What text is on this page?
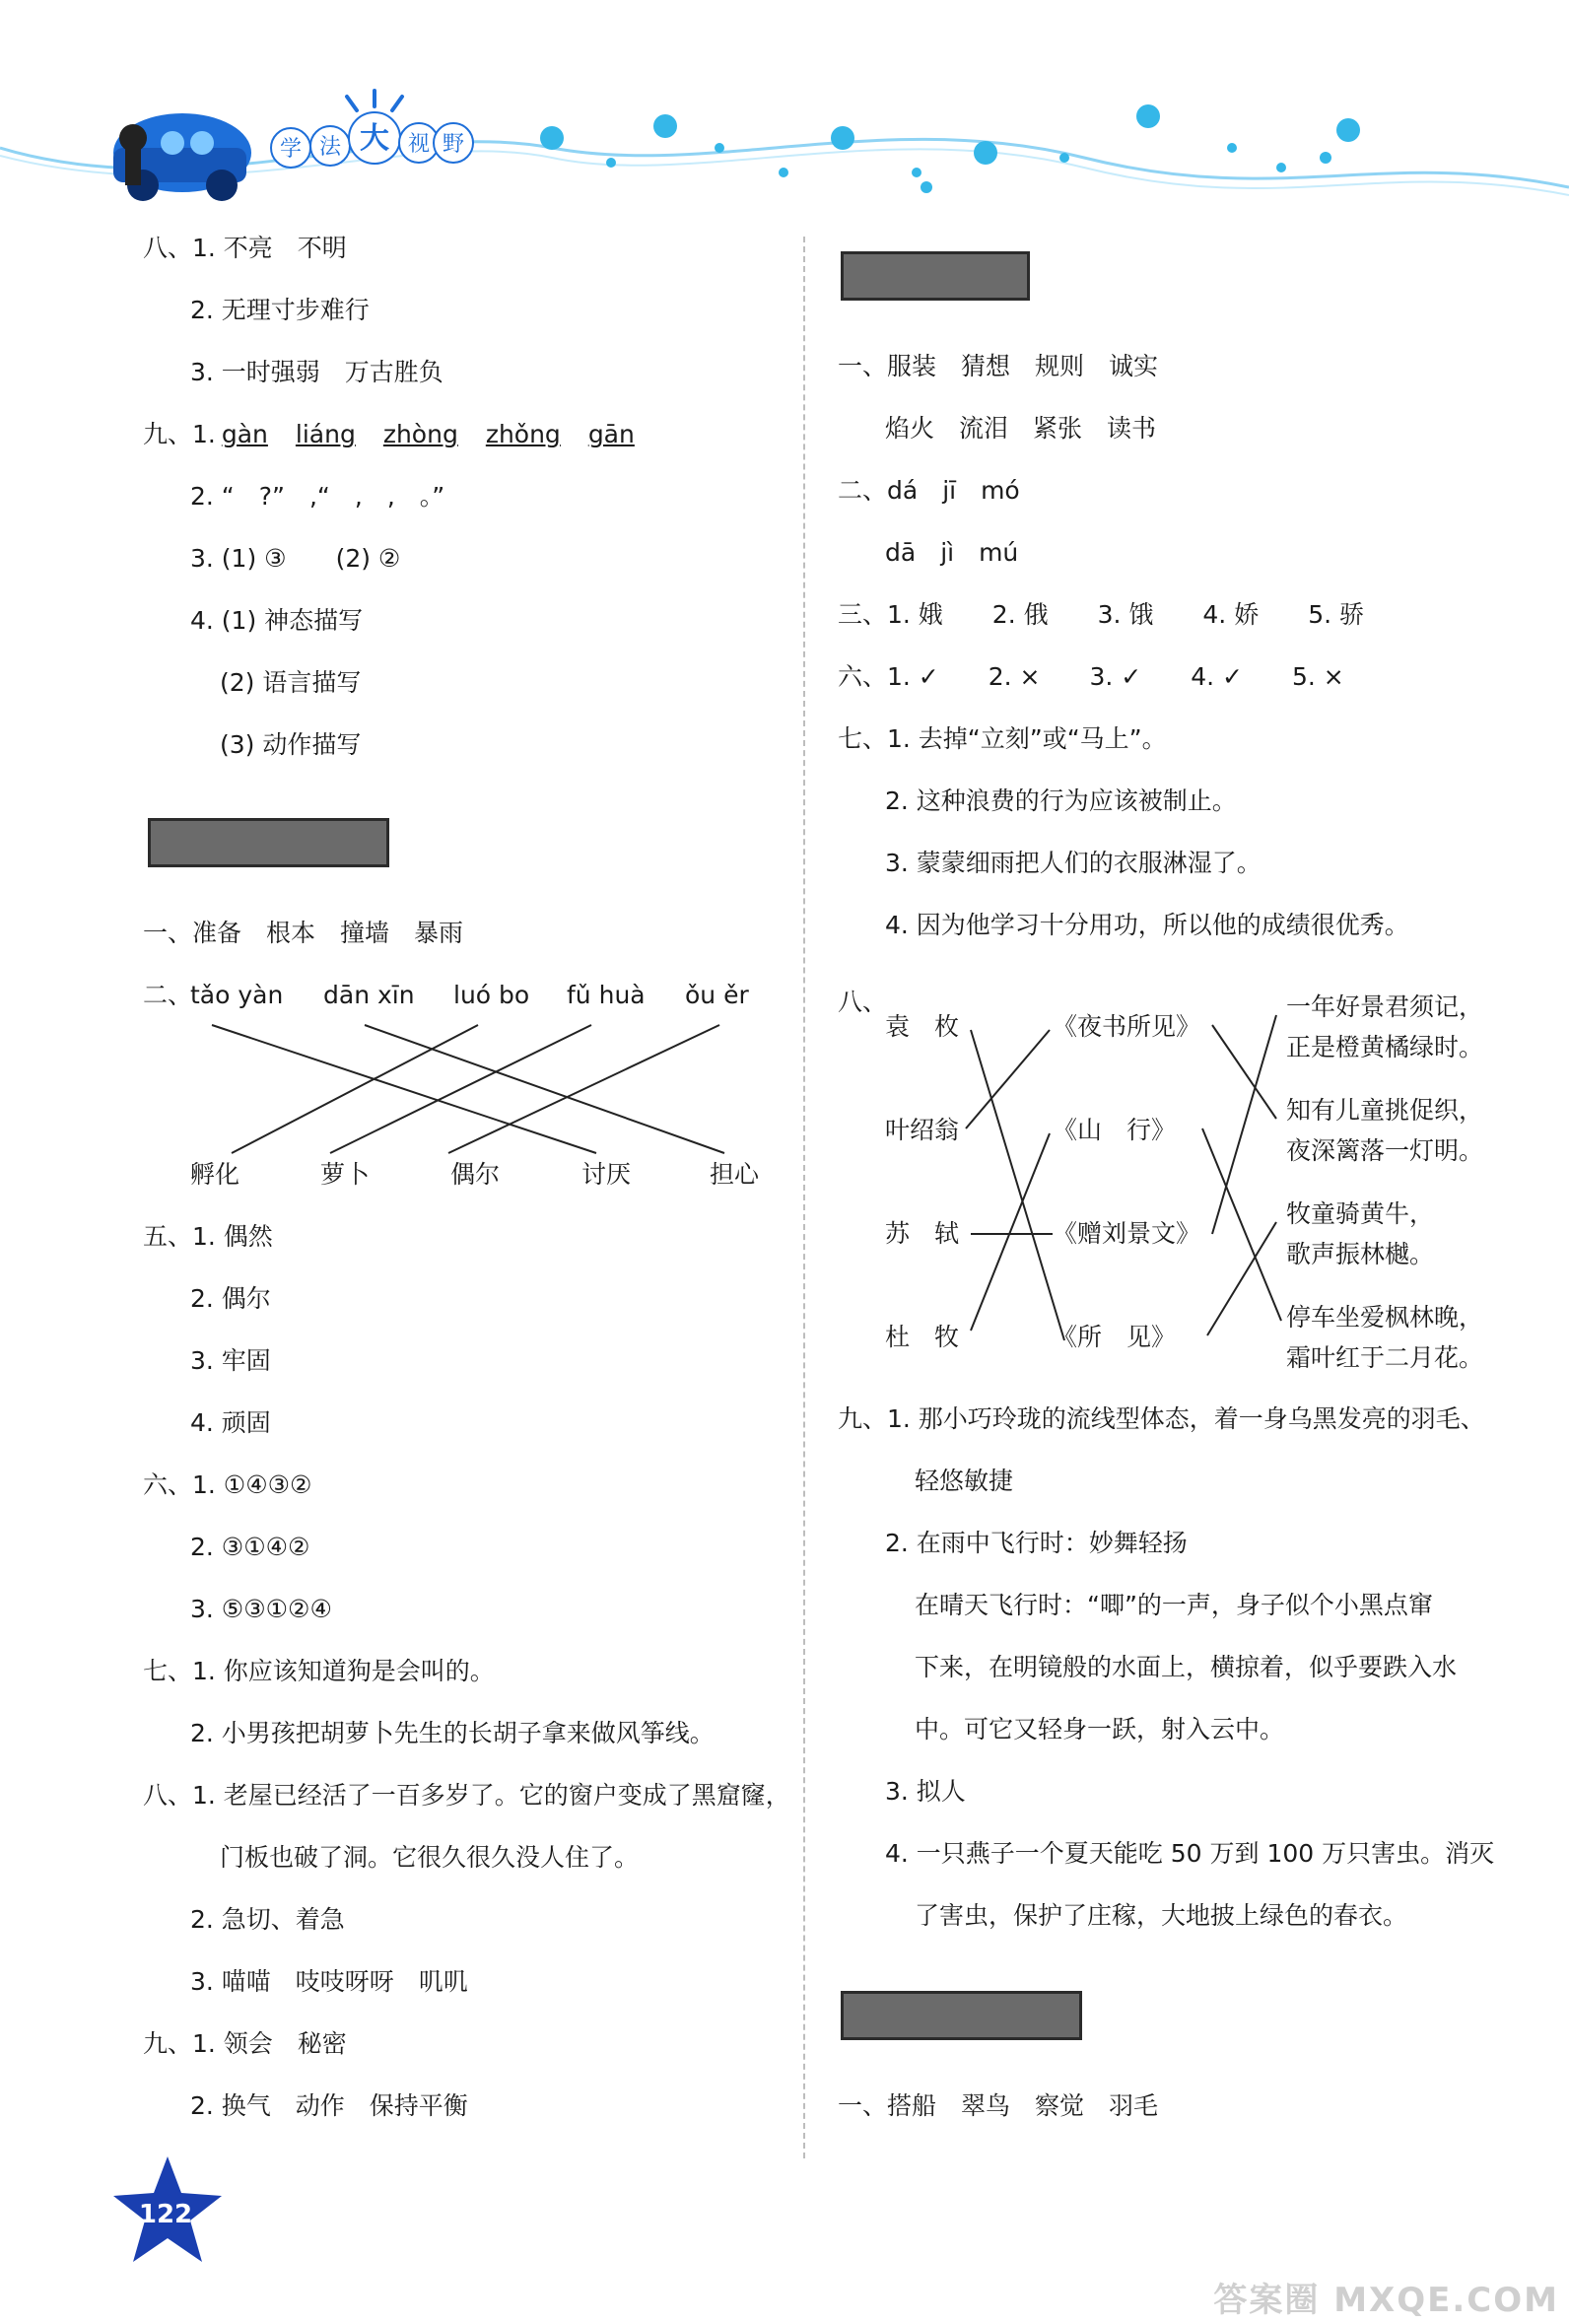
学 法 大 视 野
八、1. 不亮　不明
2. 无理寸步难行
3. 一时强弱　万古胜负
九、1. gàn liáng zhòng zhǒng gān
2. “　?”　,“　,　,　。”
3. (1) ③　　(2) ②
4. (1) 神态描写
(2) 语言描写
(3) 动作描写
一、准备　根本　撞墙　暴雨
二、
tǎo yàn dān xīn luó bo fǔ huà ǒu ěr
孵化	萝卜	偶尔	讨厌	担心
五、1. 偶然
2. 偶尔
3. 牢固
4. 顽固
六、1. ①④③②
2. ③①④②
3. ⑤③①②④
七、1. 你应该知道狗是会叫的。
2. 小男孩把胡萝卜先生的长胡子拿来做风筝线。
八、1. 老屋已经活了一百多岁了。它的窗户变成了黑窟窿，
门板也破了洞。它很久很久没人住了。
2. 急切、着急
3. 喵喵　吱吱呀呀　叽叽
九、1. 领会　秘密
2. 换气　动作　保持平衡
一、服装　猜想　规则　诚实
焰火　流泪　紧张　读书
二、dá　jī　mó
dā　jì　mú
三、1. 娥　　2. 俄　　3. 饿　　4. 娇　　5. 骄
六、1. ✓　　2. ×　　3. ✓　　4. ✓　　5. ×
七、1. 去掉“立刻”或“马上”。
2. 这种浪费的行为应该被制止。
3. 蒙蒙细雨把人们的衣服淋湿了。
4. 因为他学习十分用功，所以他的成绩很优秀。
八、
袁　枚
叶绍翁
苏　轼
杜　牧
《夜书所见》
《山　行》
《赠刘景文》
《所　见》
一年好景君须记，
正是橙黄橘绿时。
知有儿童挑促织，
夜深篱落一灯明。
牧童骑黄牛，
歌声振林樾。
停车坐爱枫林晚，
霜叶红于二月花。
九、1. 那小巧玲珑的流线型体态，着一身乌黑发亮的羽毛、
轻悠敏捷
2. 在雨中飞行时：妙舞轻扬
在晴天飞行时：“唧”的一声，身子似个小黑点窜
下来，在明镜般的水面上，横掠着，似乎要跌入水
中。可它又轻身一跃，射入云中。
3. 拟人
4. 一只燕子一个夏天能吃 50 万到 100 万只害虫。消灭
了害虫，保护了庄稼，大地披上绿色的春衣。
一、搭船　翠鸟　察觉　羽毛
122
答案圈 MXQE.COM
